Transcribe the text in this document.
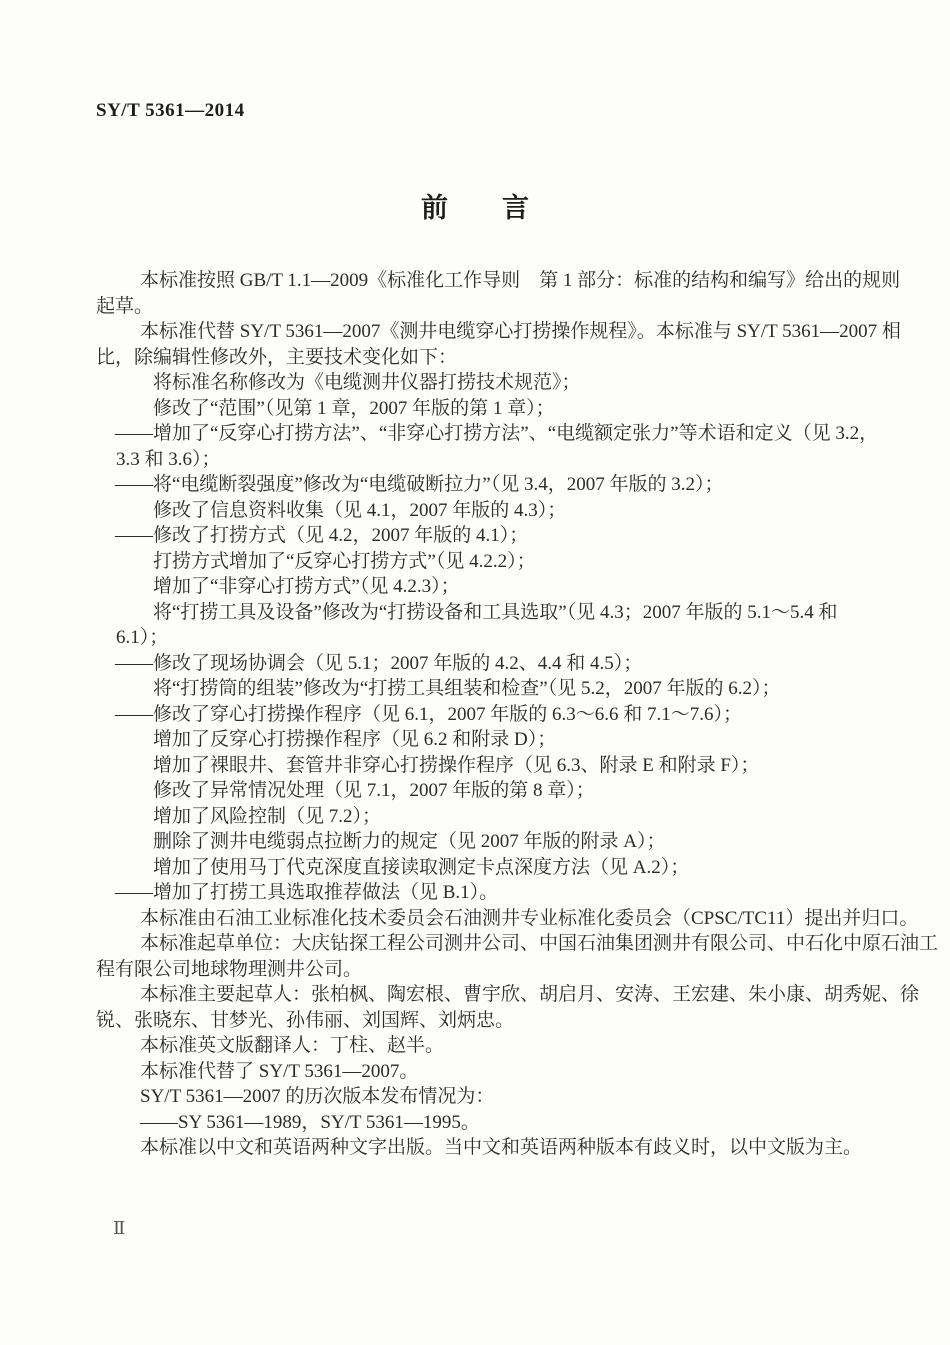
SY/T 5361—2014
前　　言
本标准按照 GB/T 1.1—2009《标准化工作导则　第 1 部分：标准的结构和编写》给出的规则
起草。
本标准代替 SY/T 5361—2007《测井电缆穿心打捞操作规程》。本标准与 SY/T 5361—2007 相
比，除编辑性修改外，主要技术变化如下：
将标准名称修改为《电缆测井仪器打捞技术规范》；
修改了“范围”（见第 1 章，2007 年版的第 1 章）；
——增加了“反穿心打捞方法”、“非穿心打捞方法”、“电缆额定张力”等术语和定义（见 3.2，
3.3 和 3.6）；
——将“电缆断裂强度”修改为“电缆破断拉力”（见 3.4，2007 年版的 3.2）；
修改了信息资料收集（见 4.1，2007 年版的 4.3）；
——修改了打捞方式（见 4.2，2007 年版的 4.1）；
打捞方式增加了“反穿心打捞方式”（见 4.2.2）；
增加了“非穿心打捞方式”（见 4.2.3）；
将“打捞工具及设备”修改为“打捞设备和工具选取”（见 4.3；2007 年版的 5.1～5.4 和
6.1）；
——修改了现场协调会（见 5.1；2007 年版的 4.2、4.4 和 4.5）；
将“打捞筒的组装”修改为“打捞工具组装和检查”（见 5.2，2007 年版的 6.2）；
——修改了穿心打捞操作程序（见 6.1，2007 年版的 6.3～6.6 和 7.1～7.6）；
增加了反穿心打捞操作程序（见 6.2 和附录 D）；
增加了裸眼井、套管井非穿心打捞操作程序（见 6.3、附录 E 和附录 F）；
修改了异常情况处理（见 7.1，2007 年版的第 8 章）；
增加了风险控制（见 7.2）；
删除了测井电缆弱点拉断力的规定（见 2007 年版的附录 A）；
增加了使用马丁代克深度直接读取测定卡点深度方法（见 A.2）；
——增加了打捞工具选取推荐做法（见 B.1）。
本标准由石油工业标准化技术委员会石油测井专业标准化委员会（CPSC/TC11）提出并归口。
本标准起草单位：大庆钻探工程公司测井公司、中国石油集团测井有限公司、中石化中原石油工
程有限公司地球物理测井公司。
本标准主要起草人：张柏枫、陶宏根、曹宇欣、胡启月、安涛、王宏建、朱小康、胡秀妮、徐
锐、张晓东、甘梦光、孙伟丽、刘国辉、刘炳忠。
本标准英文版翻译人：丁柱、赵半。
本标准代替了 SY/T 5361—2007。
SY/T 5361—2007 的历次版本发布情况为：
——SY 5361—1989，SY/T 5361—1995。
本标准以中文和英语两种文字出版。当中文和英语两种版本有歧义时，以中文版为主。
Ⅱ
